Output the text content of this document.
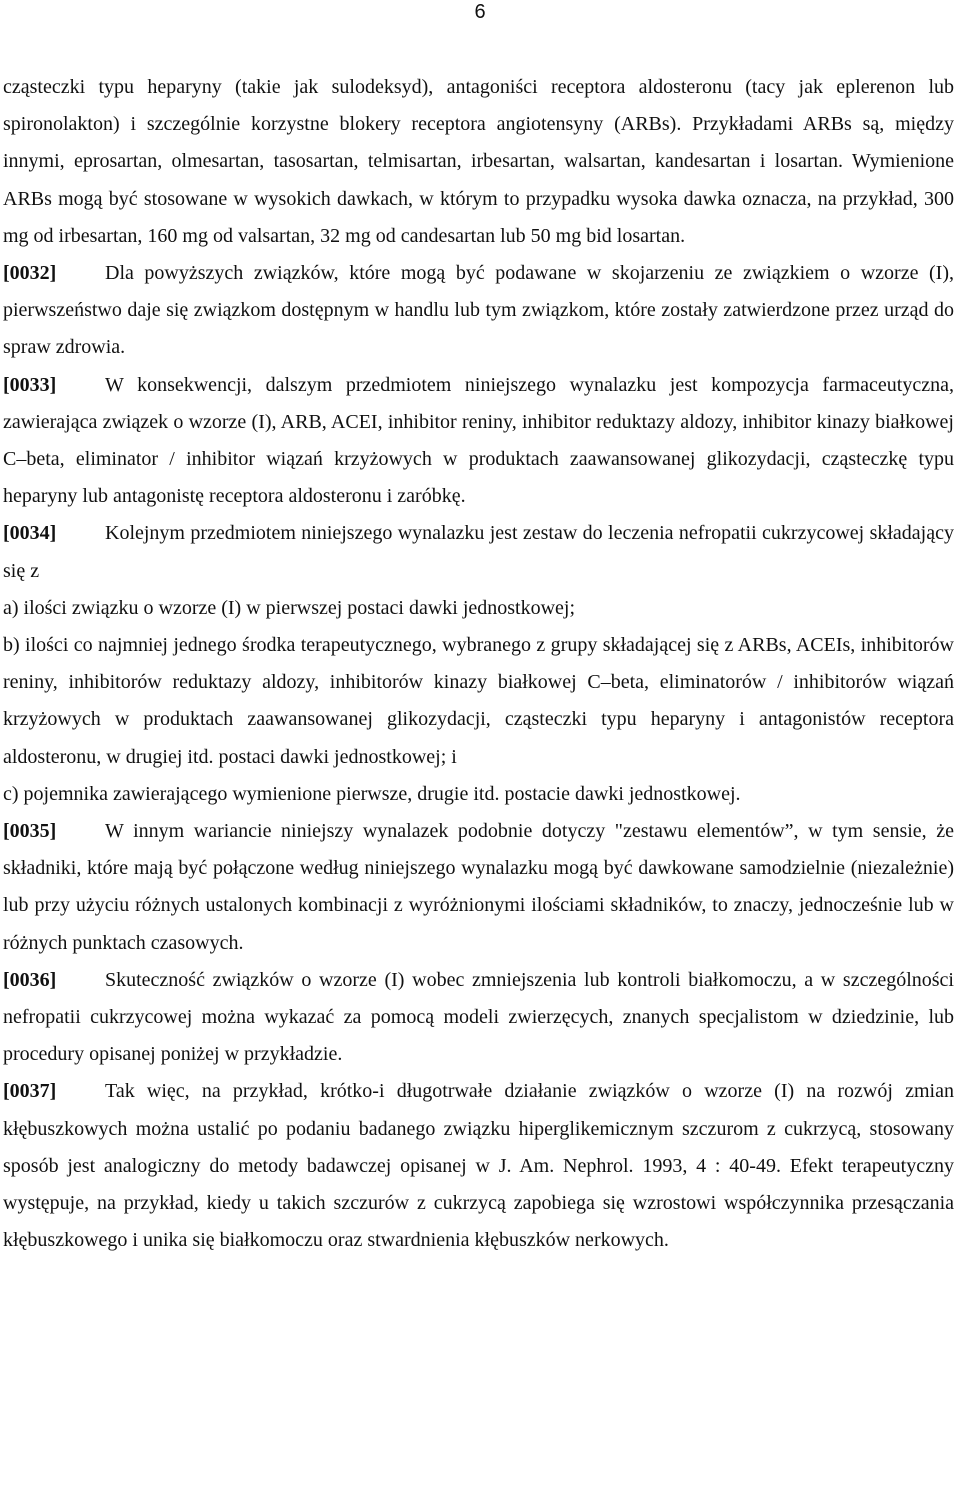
6

cząsteczki typu heparyny (takie jak sulodeksyd), antagoniści receptora aldosteronu (tacy jak eplerenon lub spironolakton) i szczególnie korzystne blokery receptora angiotensyny (ARBs). Przykładami ARBs są, między innymi, eprosartan, olmesartan, tasosartan, telmisartan, irbesartan, walsartan, kandesartan i losartan. Wymienione ARBs mogą być stosowane w wysokich dawkach, w którym to przypadku wysoka dawka oznacza, na przykład, 300 mg od irbesartan, 160 mg od valsartan, 32 mg od candesartan lub 50 mg bid losartan.

[0032] Dla powyższych związków, które mogą być podawane w skojarzeniu ze związkiem o wzorze (I), pierwszeństwo daje się związkom dostępnym w handlu lub tym związkom, które zostały zatwierdzone przez urząd do spraw zdrowia.

[0033] W konsekwencji, dalszym przedmiotem niniejszego wynalazku jest kompozycja farmaceutyczna, zawierająca związek o wzorze (I), ARB, ACEI, inhibitor reniny, inhibitor reduktazy aldozy, inhibitor kinazy białkowej C–beta, eliminator / inhibitor wiązań krzyżowych w produktach zaawansowanej glikozydacji, cząsteczkę typu heparyny lub antagonistę receptora aldosteronu i zaróbkę.

[0034] Kolejnym przedmiotem niniejszego wynalazku jest zestaw do leczenia nefropatii cukrzycowej składający się z

a) ilości związku o wzorze (I) w pierwszej postaci dawki jednostkowej;

b) ilości co najmniej jednego środka terapeutycznego, wybranego z grupy składającej się z ARBs, ACEIs, inhibitorów reniny, inhibitorów reduktazy aldozy, inhibitorów kinazy białkowej C–beta, eliminatorów / inhibitorów wiązań krzyżowych w produktach zaawansowanej glikozydacji, cząsteczki typu heparyny i antagonistów receptora aldosteronu, w drugiej itd. postaci dawki jednostkowej; i

c) pojemnika zawierającego wymienione pierwsze, drugie itd. postacie dawki jednostkowej.

[0035] W innym wariancie niniejszy wynalazek podobnie dotyczy "zestawu elementów”, w tym sensie, że składniki, które mają być połączone według niniejszego wynalazku mogą być dawkowane samodzielnie (niezależnie) lub przy użyciu różnych ustalonych kombinacji z wyróżnionymi ilościami składników, to znaczy, jednocześnie lub w różnych punktach czasowych.

[0036] Skuteczność związków o wzorze (I) wobec zmniejszenia lub kontroli białkomoczu, a w szczególności nefropatii cukrzycowej można wykazać za pomocą modeli zwierzęcych, znanych specjalistom w dziedzinie, lub procedury opisanej poniżej w przykładzie.

[0037] Tak więc, na przykład, krótko-i długotrwałe działanie związków o wzorze (I) na rozwój zmian kłębuszkowych można ustalić po podaniu badanego związku hiperglikemicznym szczurom z cukrzycą, stosowany sposób jest analogiczny do metody badawczej opisanej w J. Am. Nephrol. 1993, 4 : 40-49. Efekt terapeutyczny występuje, na przykład, kiedy u takich szczurów z cukrzycą zapobiega się wzrostowi współczynnika przesączania kłębuszkowego i unika się białkomoczu oraz stwardnienia kłębuszków nerkowych.
